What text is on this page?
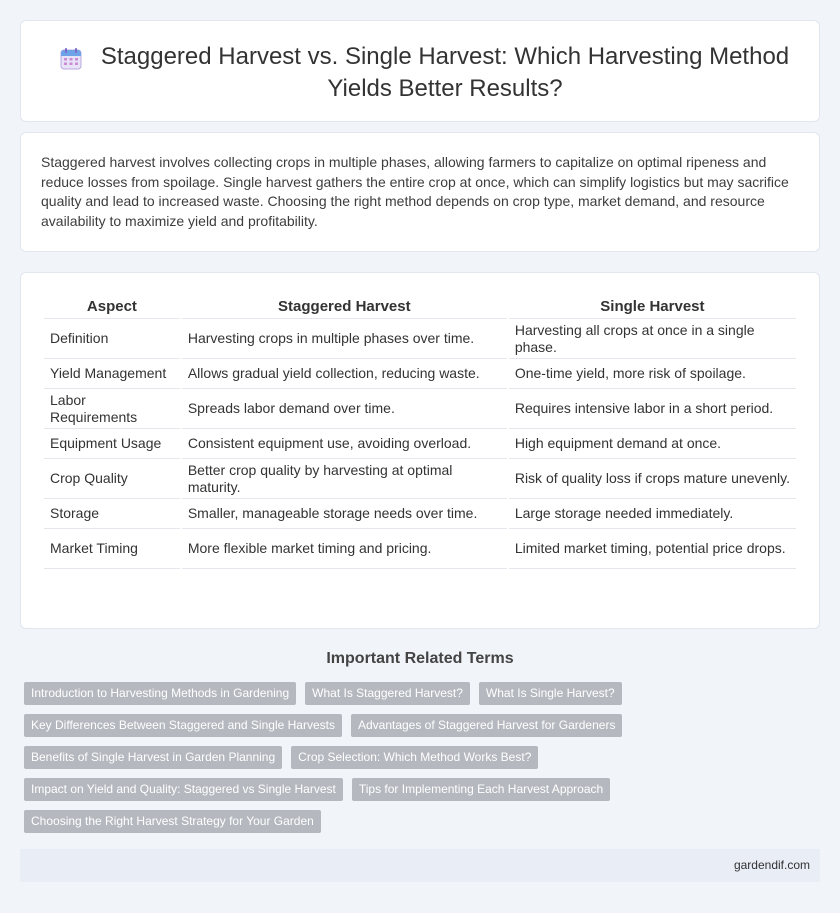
Staggered Harvest vs. Single Harvest: Which Harvesting Method Yields Better Results?

Staggered harvest involves collecting crops in multiple phases, allowing farmers to capitalize on optimal ripeness and reduce losses from spoilage. Single harvest gathers the entire crop at once, which can simplify logistics but may sacrifice quality and lead to increased waste. Choosing the right method depends on crop type, market demand, and resource availability to maximize yield and profitability.

Aspect	Staggered Harvest	Single Harvest
Definition	Harvesting crops in multiple phases over time.	Harvesting all crops at once in a single phase.
Yield Management	Allows gradual yield collection, reducing waste.	One-time yield, more risk of spoilage.
Labor Requirements	Spreads labor demand over time.	Requires intensive labor in a short period.
Equipment Usage	Consistent equipment use, avoiding overload.	High equipment demand at once.
Crop Quality	Better crop quality by harvesting at optimal maturity.	Risk of quality loss if crops mature unevenly.
Storage	Smaller, manageable storage needs over time.	Large storage needed immediately.
Market Timing	More flexible market timing and pricing.	Limited market timing, potential price drops.
Important Related Terms
Introduction to Harvesting Methods in Gardening	What Is Staggered Harvest?	What Is Single Harvest?
Key Differences Between Staggered and Single Harvests	Advantages of Staggered Harvest for Gardeners
Benefits of Single Harvest in Garden Planning	Crop Selection: Which Method Works Best?
Impact on Yield and Quality: Staggered vs Single Harvest	Tips for Implementing Each Harvest Approach
Choosing the Right Harvest Strategy for Your Garden
gardendif.com
